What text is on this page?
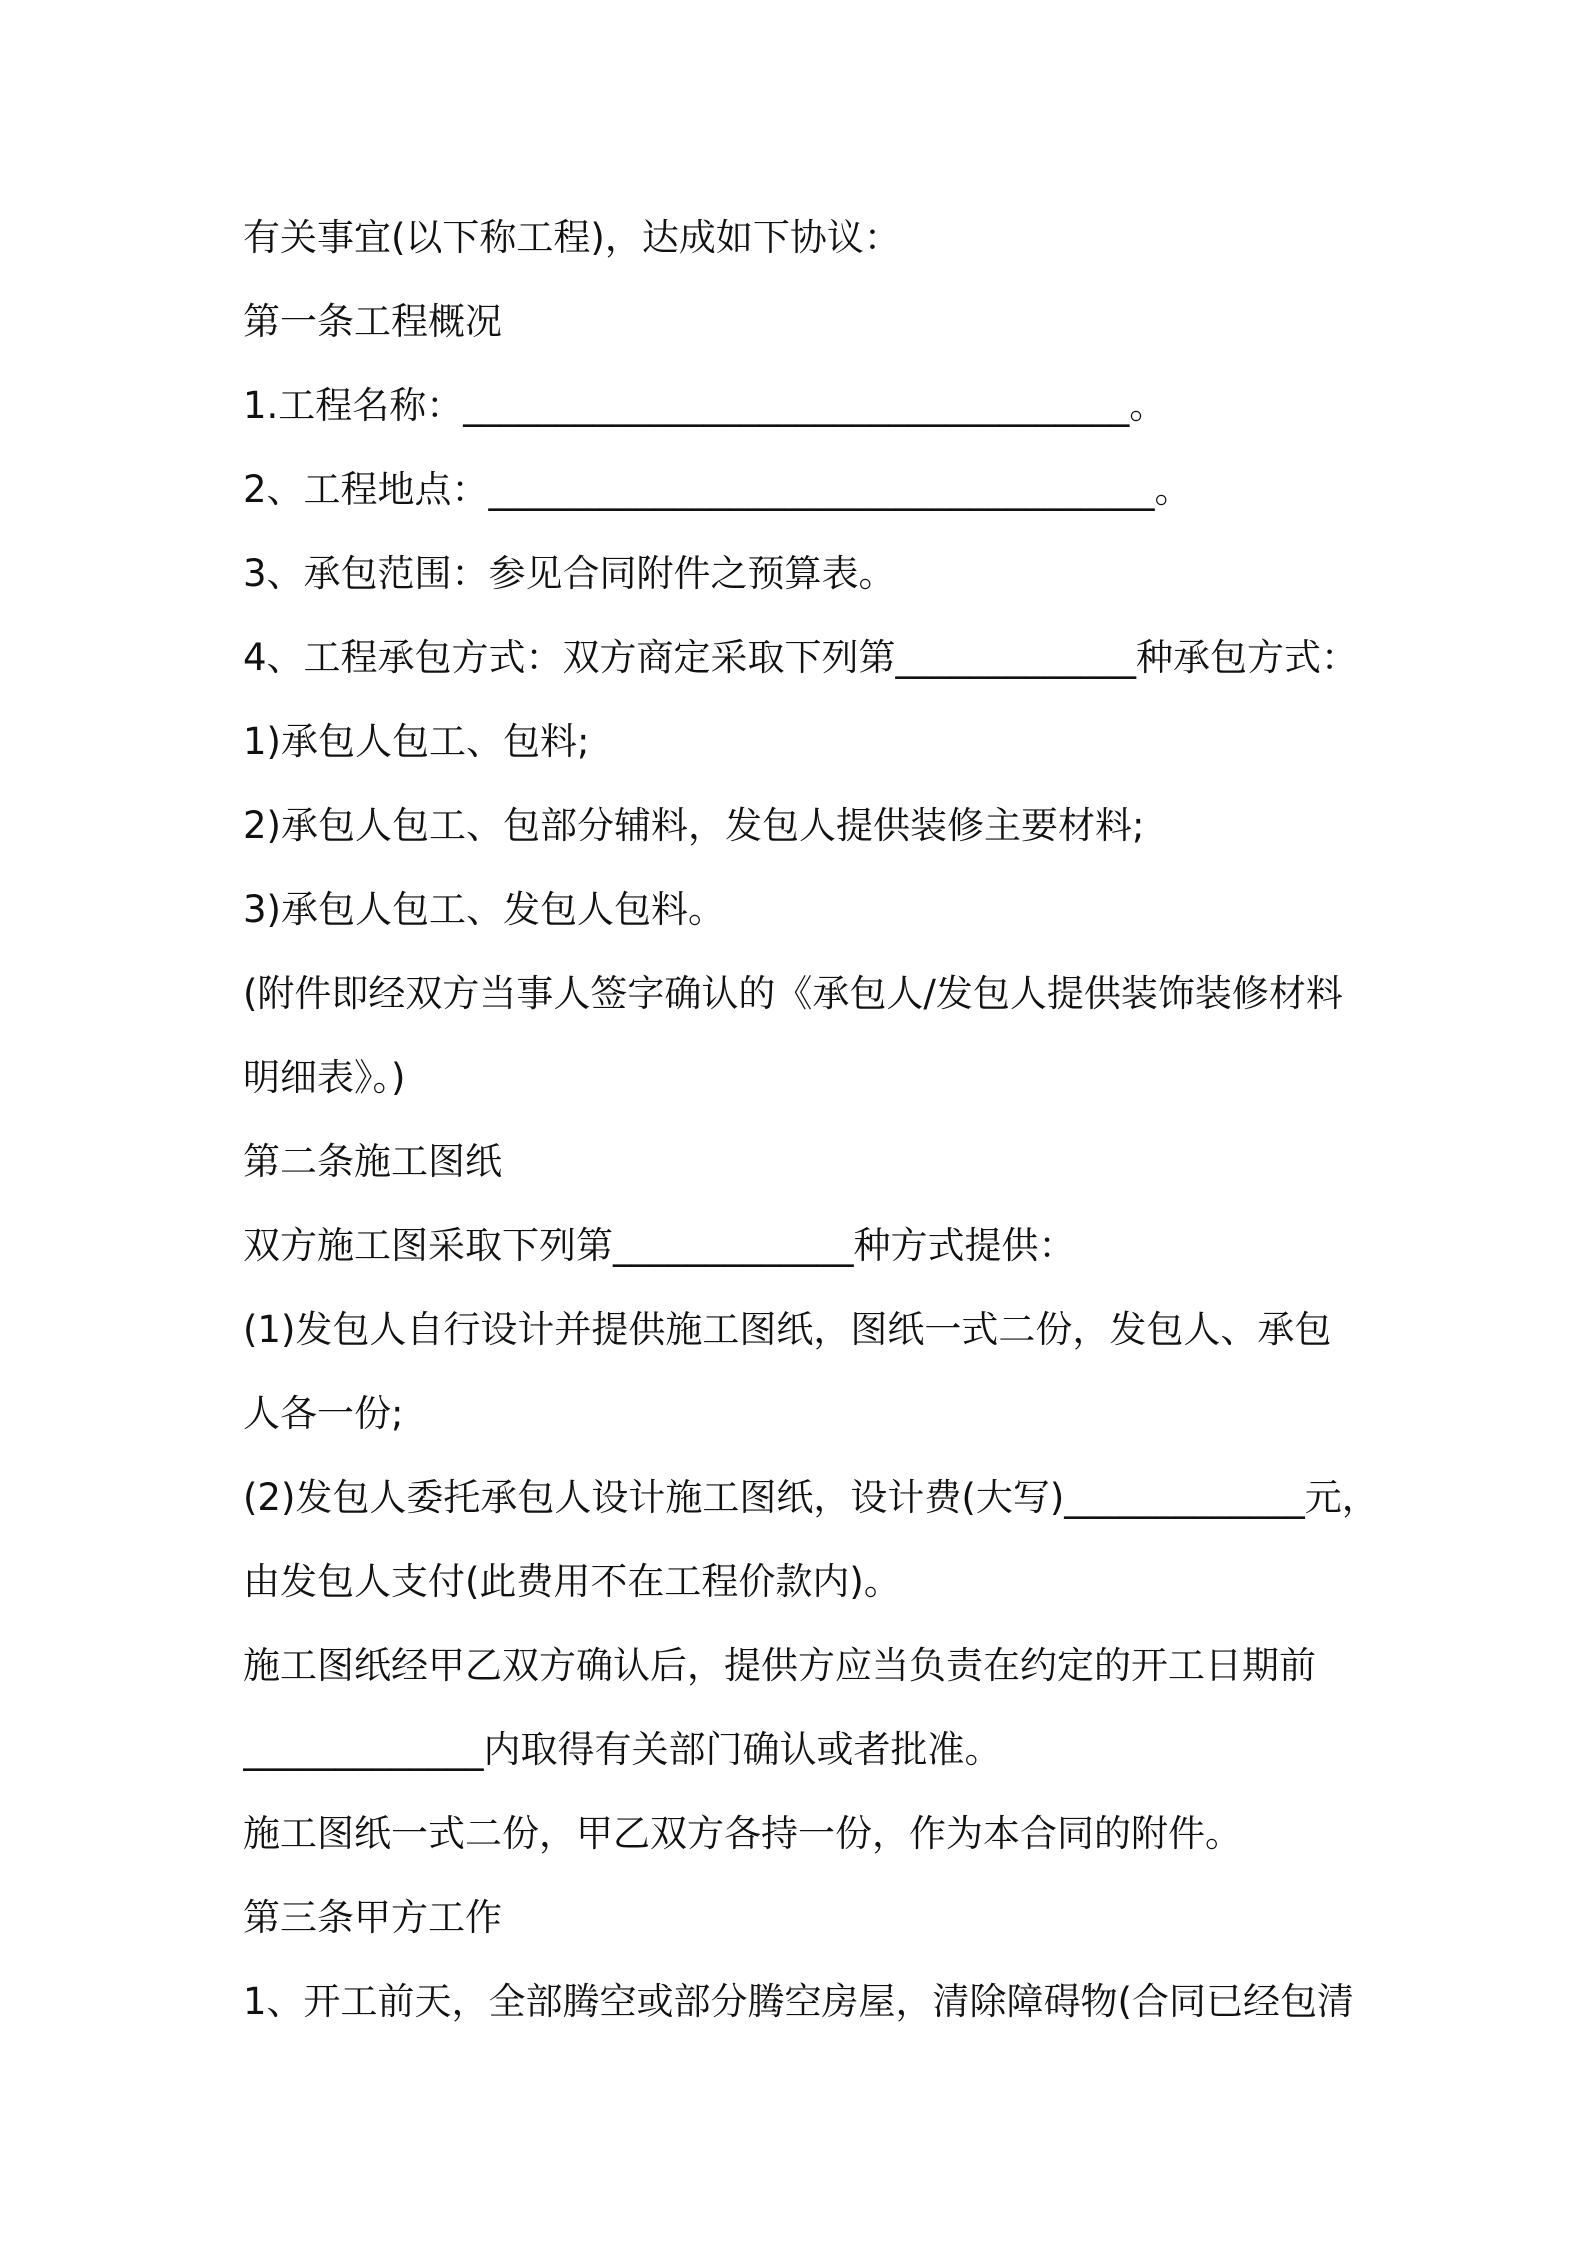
有关事宜(以下称工程)，达成如下协议：
第一条工程概况
1.工程名称：____________________________________。
2、工程地点：____________________________________。
3、承包范围：参见合同附件之预算表。
4、工程承包方式：双方商定采取下列第_____________种承包方式：
1)承包人包工、包料;
2)承包人包工、包部分辅料，发包人提供装修主要材料;
3)承包人包工、发包人包料。
(附件即经双方当事人签字确认的《承包人/发包人提供装饰装修材料
明细表》。)
第二条施工图纸
双方施工图采取下列第_____________种方式提供：
(1)发包人自行设计并提供施工图纸，图纸一式二份，发包人、承包
人各一份;
(2)发包人委托承包人设计施工图纸，设计费(大写)_____________元，
由发包人支付(此费用不在工程价款内)。
施工图纸经甲乙双方确认后，提供方应当负责在约定的开工日期前
_____________内取得有关部门确认或者批准。
施工图纸一式二份，甲乙双方各持一份，作为本合同的附件。
第三条甲方工作
1、开工前天，全部腾空或部分腾空房屋，清除障碍物(合同已经包清
